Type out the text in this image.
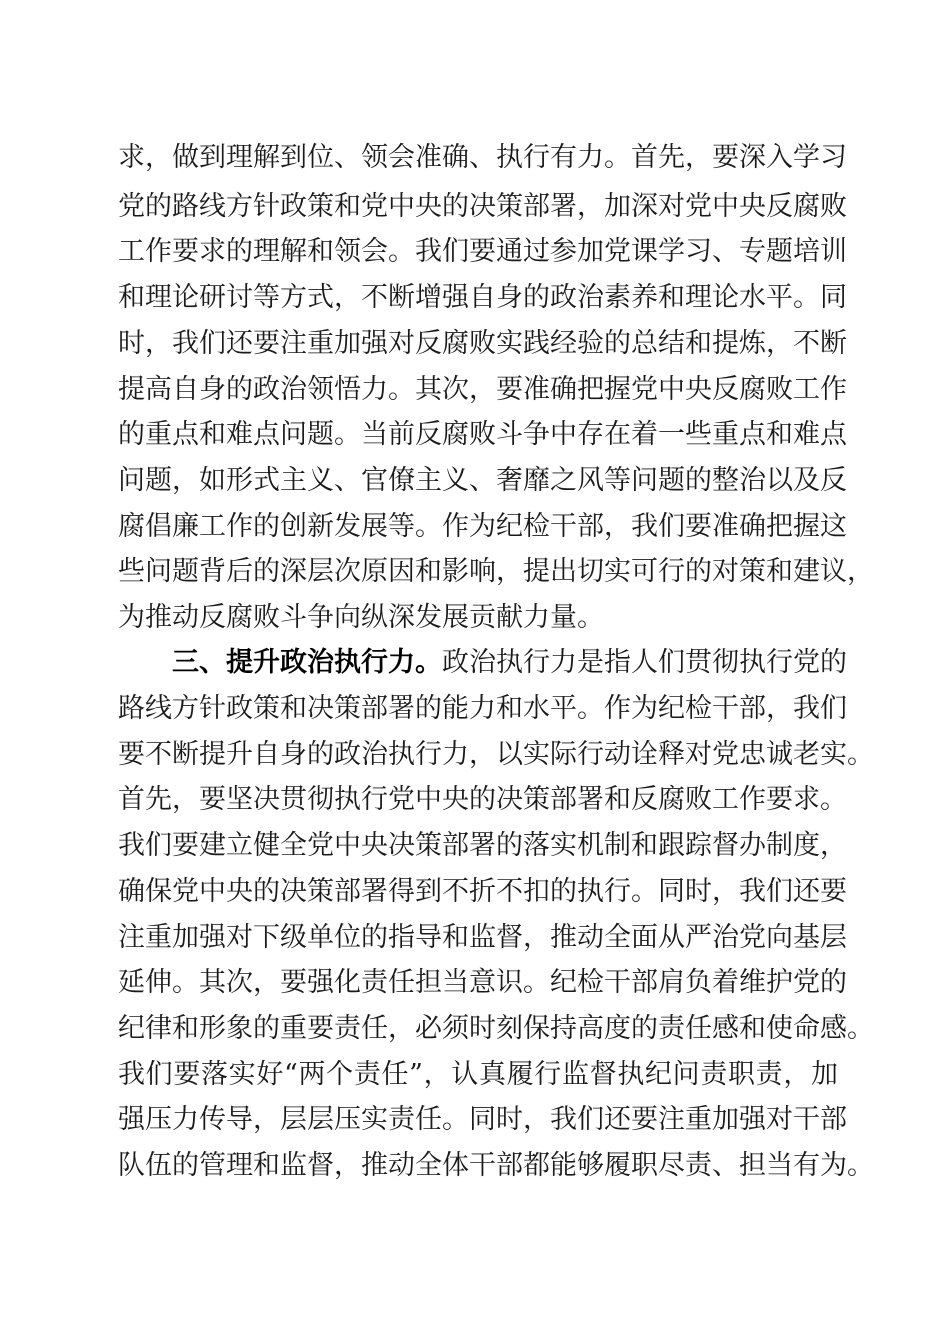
求，做到理解到位、领会准确、执行有力。首先，要深入学习
党的路线方针政策和党中央的决策部署，加深对党中央反腐败
工作要求的理解和领会。我们要通过参加党课学习、专题培训
和理论研讨等方式，不断增强自身的政治素养和理论水平。同
时，我们还要注重加强对反腐败实践经验的总结和提炼，不断
提高自身的政治领悟力。其次，要准确把握党中央反腐败工作
的重点和难点问题。当前反腐败斗争中存在着一些重点和难点
问题，如形式主义、官僚主义、奢靡之风等问题的整治以及反
腐倡廉工作的创新发展等。作为纪检干部，我们要准确把握这
些问题背后的深层次原因和影响，提出切实可行的对策和建议，
为推动反腐败斗争向纵深发展贡献力量。
三、提升政治执行力。政治执行力是指人们贯彻执行党的
路线方针政策和决策部署的能力和水平。作为纪检干部，我们
要不断提升自身的政治执行力，以实际行动诠释对党忠诚老实。
首先，要坚决贯彻执行党中央的决策部署和反腐败工作要求。
我们要建立健全党中央决策部署的落实机制和跟踪督办制度，
确保党中央的决策部署得到不折不扣的执行。同时，我们还要
注重加强对下级单位的指导和监督，推动全面从严治党向基层
延伸。其次，要强化责任担当意识。纪检干部肩负着维护党的
纪律和形象的重要责任，必须时刻保持高度的责任感和使命感。
我们要落实好“两个责任”，认真履行监督执纪问责职责，加
强压力传导，层层压实责任。同时，我们还要注重加强对干部
队伍的管理和监督，推动全体干部都能够履职尽责、担当有为。
